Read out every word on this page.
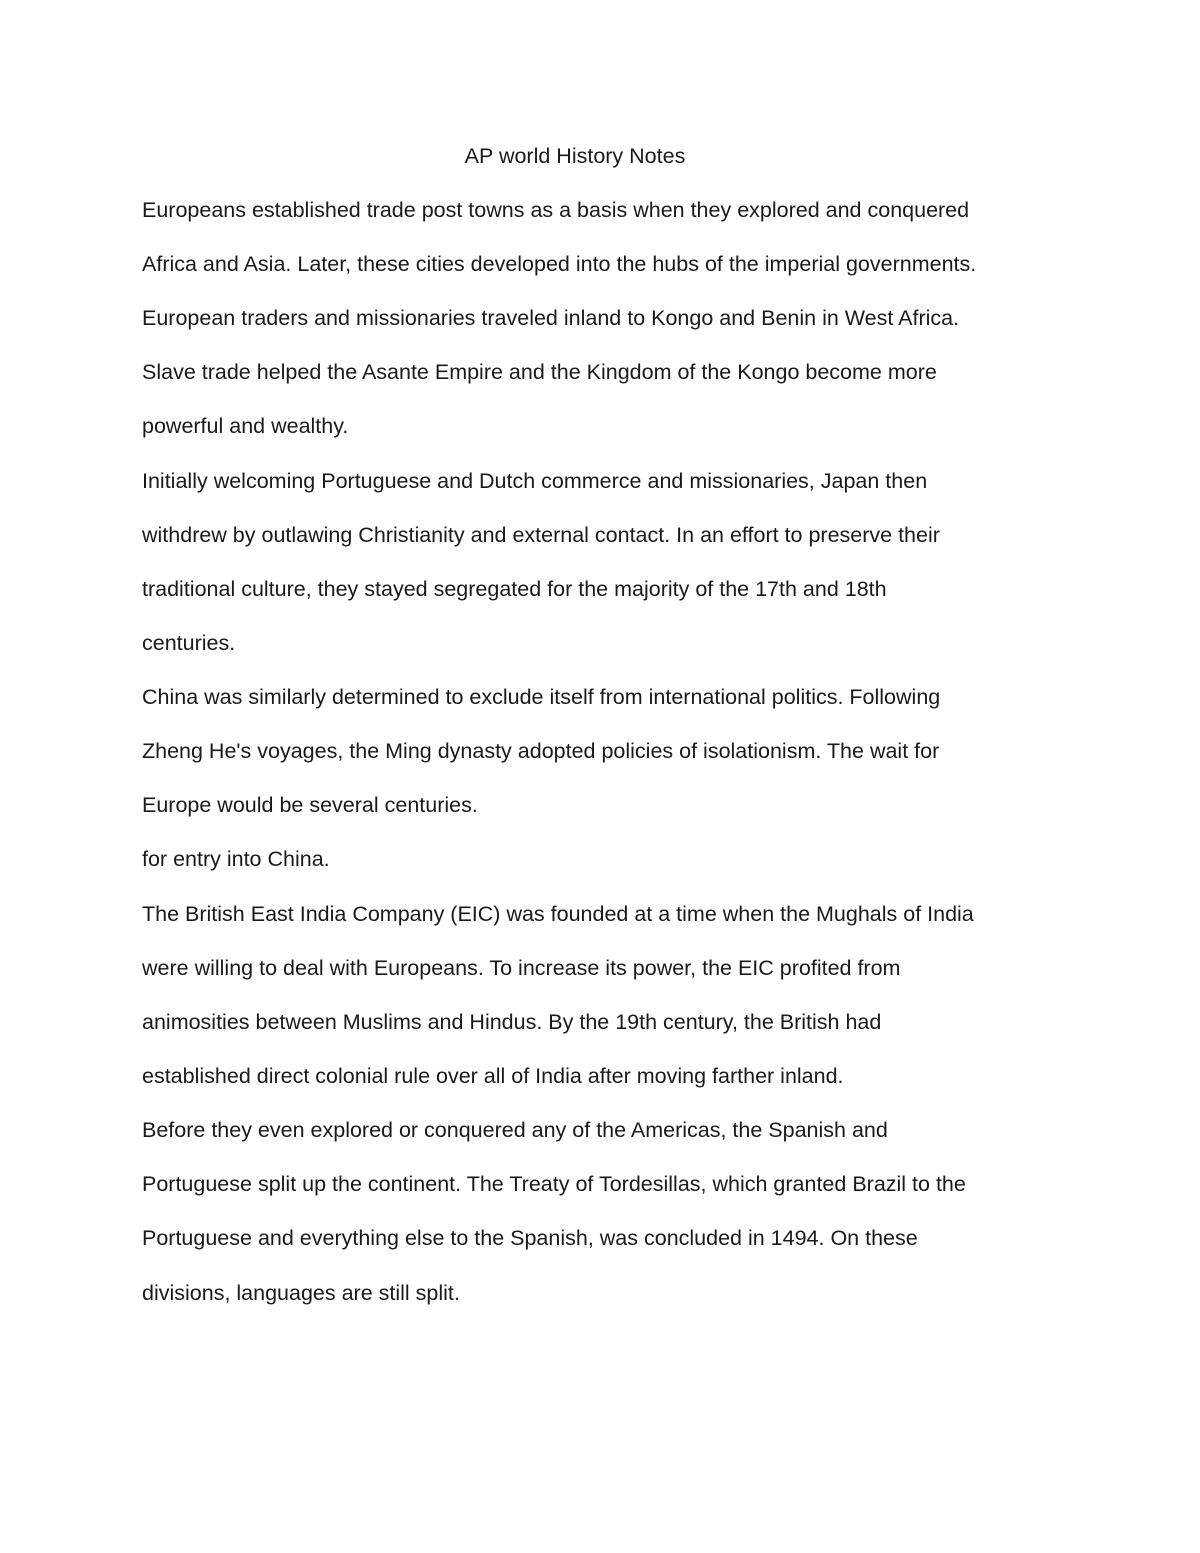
AP world History Notes
Europeans established trade post towns as a basis when they explored and conquered
Africa and Asia. Later, these cities developed into the hubs of the imperial governments.
European traders and missionaries traveled inland to Kongo and Benin in West Africa.
Slave trade helped the Asante Empire and the Kingdom of the Kongo become more
powerful and wealthy.
Initially welcoming Portuguese and Dutch commerce and missionaries, Japan then
withdrew by outlawing Christianity and external contact. In an effort to preserve their
traditional culture, they stayed segregated for the majority of the 17th and 18th
centuries.
China was similarly determined to exclude itself from international politics. Following
Zheng He's voyages, the Ming dynasty adopted policies of isolationism. The wait for
Europe would be several centuries.
for entry into China.
The British East India Company (EIC) was founded at a time when the Mughals of India
were willing to deal with Europeans. To increase its power, the EIC profited from
animosities between Muslims and Hindus. By the 19th century, the British had
established direct colonial rule over all of India after moving farther inland.
Before they even explored or conquered any of the Americas, the Spanish and
Portuguese split up the continent. The Treaty of Tordesillas, which granted Brazil to the
Portuguese and everything else to the Spanish, was concluded in 1494. On these
divisions, languages are still split.
